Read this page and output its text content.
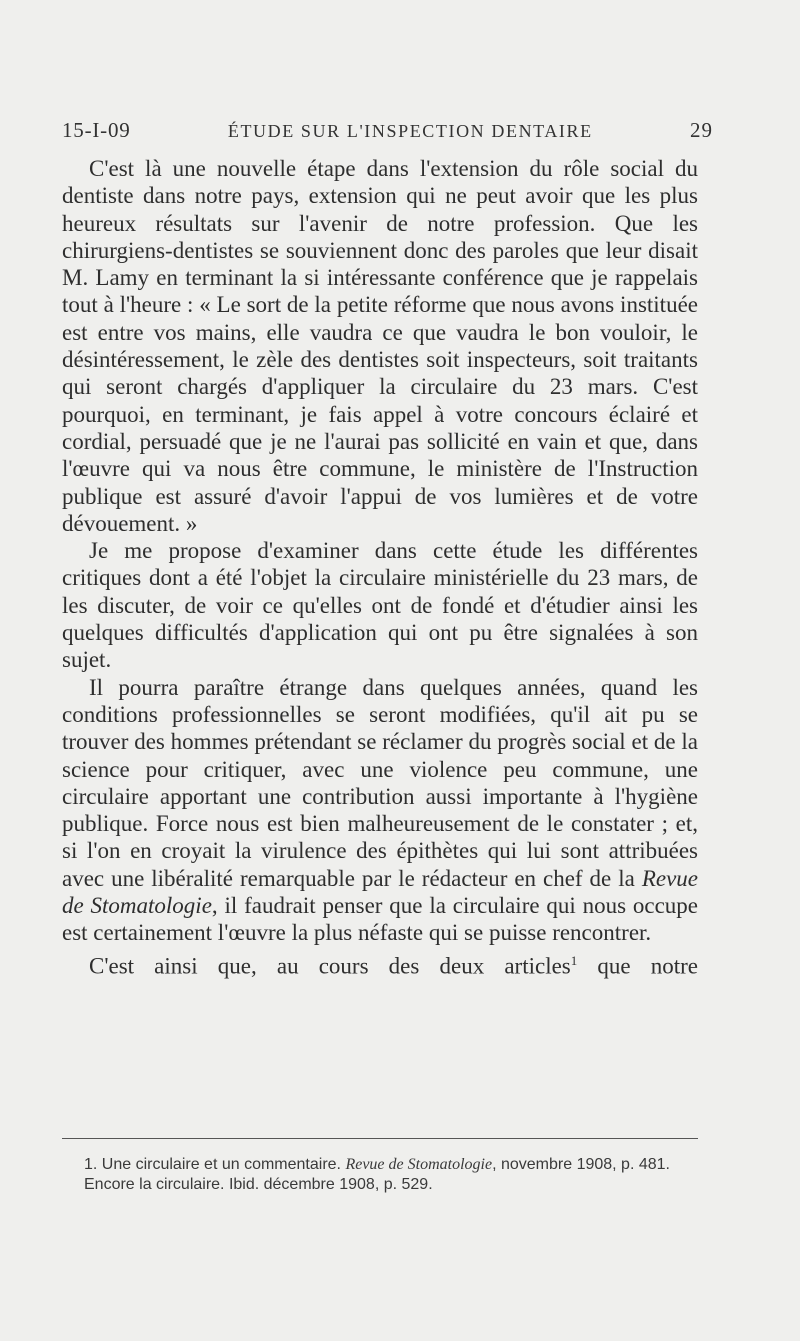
15-I-09	ÉTUDE SUR L'INSPECTION DENTAIRE	29

C'est là une nouvelle étape dans l'extension du rôle social du dentiste dans notre pays, extension qui ne peut avoir que les plus heureux résultats sur l'avenir de notre profession. Que les chirurgiens-dentistes se souviennent donc des paroles que leur disait M. Lamy en terminant la si intéressante conférence que je rappelais tout à l'heure : « Le sort de la petite réforme que nous avons instituée est entre vos mains, elle vaudra ce que vaudra le bon vouloir, le désintéressement, le zèle des dentistes soit inspecteurs, soit traitants qui seront chargés d'appliquer la circulaire du 23 mars. C'est pourquoi, en terminant, je fais appel à votre concours éclairé et cordial, persuadé que je ne l'aurai pas sollicité en vain et que, dans l'œuvre qui va nous être commune, le ministère de l'Instruction publique est assuré d'avoir l'appui de vos lumières et de votre dévouement. »

Je me propose d'examiner dans cette étude les différentes critiques dont a été l'objet la circulaire ministérielle du 23 mars, de les discuter, de voir ce qu'elles ont de fondé et d'étudier ainsi les quelques difficultés d'application qui ont pu être signalées à son sujet.

Il pourra paraître étrange dans quelques années, quand les conditions professionnelles se seront modifiées, qu'il ait pu se trouver des hommes prétendant se réclamer du progrès social et de la science pour critiquer, avec une violence peu commune, une circulaire apportant une contribution aussi importante à l'hygiène publique. Force nous est bien malheureusement de le constater ; et, si l'on en croyait la virulence des épithètes qui lui sont attribuées avec une libéralité remarquable par le rédacteur en chef de la Revue de Stomatologie, il faudrait penser que la circulaire qui nous occupe est certainement l'œuvre la plus néfaste qui se puisse rencontrer.

C'est ainsi que, au cours des deux articles$^1$ que notre

1. Une circulaire et un commentaire. Revue de Stomatologie, novembre 1908, p. 481.

Encore la circulaire. Ibid. décembre 1908, p. 529.
